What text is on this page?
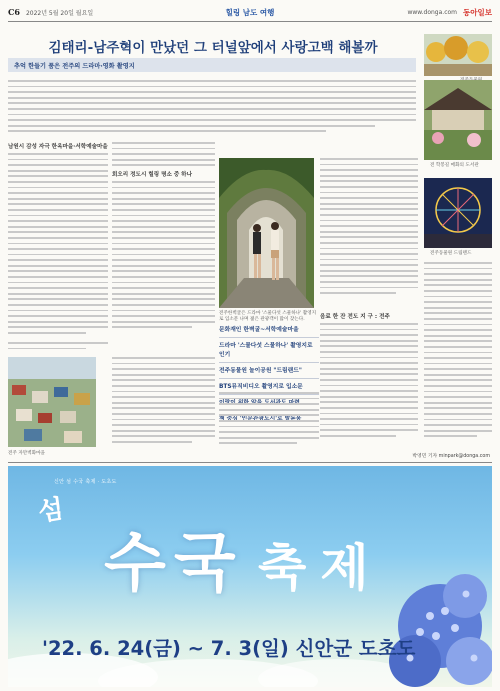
C6 2022년 5월 20일 월요일	힐링 남도 여행	www.donga.com 동아일보
김태리-남주혁이 만났던 그 터널앞에서 사랑고백 해볼까
추억 한들기 품은 전주의 드라마·영화 촬영지
남원시 감성 자극 한옥마을·서학예술마을
회오리 정도시 힐링 명소 중 하나
전주한벽굴은 드라마 '스물다섯 스물하나' 촬영지로 입소문 나며 젊은 관광객이 많이 찾는다.
문화재인 한벽굴~서학예술마을
드라마 '스물다섯 스물하나' 촬영지로 인기
전주동물원 놀이공원 "드림랜드"
BTS뮤직비디오 촬영지로 입소문
전 학봉길 매화의 도서관
전주동물원 드림랜드
전주 자만벽화마을
음료 한 잔 전도 지 구 : 전주
박영민 기자 minpark@donga.com
신안 섬 수국 축제 · 도초도
섬
수국 축제
'22. 6. 24(금) ~ 7. 3(일) 신안군 도초도
